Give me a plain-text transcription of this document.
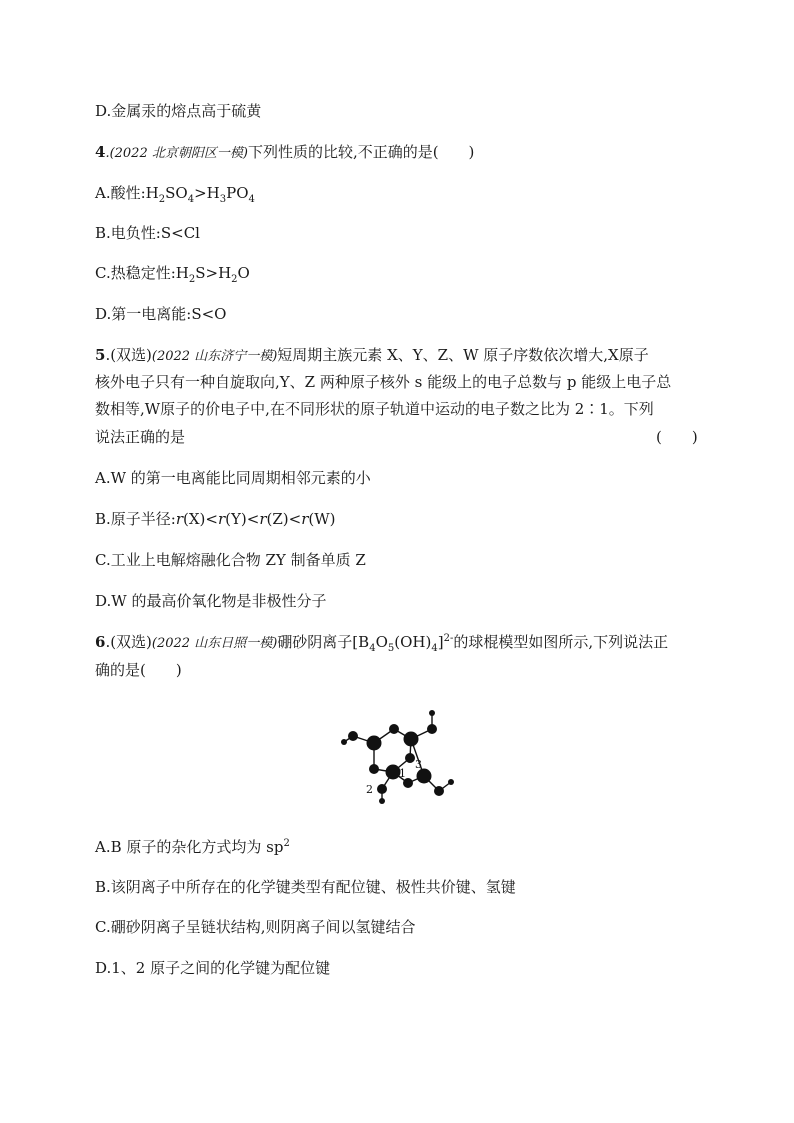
D.金属汞的熔点高于硫黄
4.(2022 北京朝阳区一模)下列性质的比较,不正确的是(　　)
A.酸性$:H_2SO_4>H_3PO_4$
B.电负性:S<Cl
C.热稳定性$:H_2S>H_2O$
D.第一电离能:S<O
5.(双选)(2022 山东济宁一模)短周期主族元素 X、Y、Z、W 原子序数依次增大,X原子
核外电子只有一种自旋取向,Y、Z 两种原子核外 s 能级上的电子总数与 p 能级上电子总
数相等,W原子的价电子中,在不同形状的原子轨道中运动的电子数之比为 2∶1。下列
说法正确的是	(　　)
A.W 的第一电离能比同周期相邻元素的小
B.原子半径:r(X)<r(Y)<r(Z)<r(W)
C.工业上电解熔融化合物 ZY 制备单质 Z
D.W 的最高价氧化物是非极性分子
6.(双选)(2022 山东日照一模)硼砂阴离子$[B_4O_5(OH)_4]^{2-}$的球棍模型如图所示,下列说法正
确的是(　　)
1
2
3
A.B 原子的杂化方式均为 $sp^2$
B.该阴离子中所存在的化学键类型有配位键、极性共价键、氢键
C.硼砂阴离子呈链状结构,则阴离子间以氢键结合
D.1、2 原子之间的化学键为配位键
